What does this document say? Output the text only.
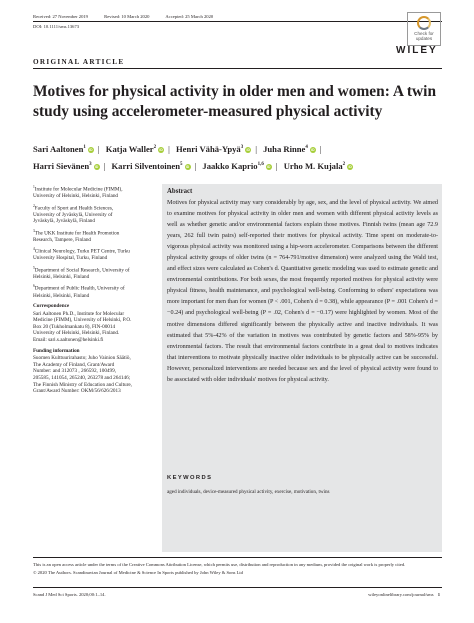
Received: 27 November 2019	Revised: 10 March 2020	Accepted: 25 March 2020
DOI: 10.1111/sms.13673
Check for updates
ORIGINAL ARTICLE
WILEY
Motives for physical activity in older men and women: A twin study using accelerometer-measured physical activity
Sari Aaltonen$^1$ iD | Katja Waller$^2$ iD | Henri Vähä-Ypyä$^3$ iD | Juha Rinne$^4$ iD |
Harri Sievänen$^3$ iD | Karri Silventoinen$^5$ iD | Jaakko Kaprio$^{1,6}$ iD | Urho M. Kujala$^2$ iD

$^1$Institute for Molecular Medicine (FIMM), University of Helsinki, Helsinki, Finland

$^2$Faculty of Sport and Health Sciences, University of Jyväskylä, University of Jyväskylä, Jyväskylä, Finland

$^3$The UKK Institute for Health Promotion Research, Tampere, Finland

$^4$Clinical Neurology, Turku PET Centre, Turku University Hospital, Turku, Finland

$^5$Department of Social Research, University of Helsinki, Helsinki, Finland

$^6$Department of Public Health, University of Helsinki, Helsinki, Finland

Correspondence

Sari Aaltonen Ph.D., Institute for Molecular Medicine (FIMM), University of Helsinki, P.O. Box 20 (Tukholmankatu 8), FIN-00014 University of Helsinki, Helsinki, Finland. Email: sari.s.aaltonen@helsinki.fi

Funding information

Suomen Kulttuurirahasto; Juho Vainion Säätiö, The Academy of Finland, Grant/Award Number: and 312073 , 266592, 100499, 205585, 141054, 265240, 263278 and 264146; The Finnish Ministry of Education and Culture, Grant/Award Number: OKM/56/626/2013

Abstract

Motives for physical activity may vary considerably by age, sex, and the level of physical activity. We aimed to examine motives for physical activity in older men and women with different physical activity levels as well as whether genetic and/or environmental factors explain those motives. Finnish twins (mean age 72.9 years, 262 full twin pairs) self-reported their motives for physical activity. Time spent on moderate-to-vigorous physical activity was monitored using a hip-worn accelerometer. Comparisons between the different physical activity groups of older twins (n = 764-791/motive dimension) were analyzed using the Wald test, and effect sizes were calculated as Cohen's d. Quantitative genetic modeling was used to estimate genetic and environmental contributions. For both sexes, the most frequently reported motives for physical activity were physical fitness, health maintenance, and psychological well-being. Conforming to others' expectations was more important for men than for women (P < .001, Cohen's d = 0.38), while appearance (P = .001 Cohen's d = −0.24) and psychological well-being (P = .02, Cohen's d = −0.17) were highlighted by women. Most of the motive dimensions differed significantly between the physically active and inactive individuals. It was estimated that 5%-42% of the variation in motives was contributed by genetic factors and 58%-95% by environmental factors. The result that environmental factors contribute in a great deal to motives indicates that interventions to motivate physically inactive older individuals to be physically active can be successful. However, personalized interventions are needed because sex and the level of physical activity were found to be associated with older individuals' motives for physical activity.

KEYWORDS
aged individuals, device-measured physical activity, exercise, motivation, twins

This is an open access article under the terms of the Creative Commons Attribution License, which permits use, distribution and reproduction in any medium, provided the original work is properly cited.

© 2020 The Authors. Scandinavian Journal of Medicine & Science In Sports published by John Wiley & Sons Ltd

Scand J Med Sci Sports. 2020;00:1–14.	wileyonlinelibrary.com/journal/sms 1
